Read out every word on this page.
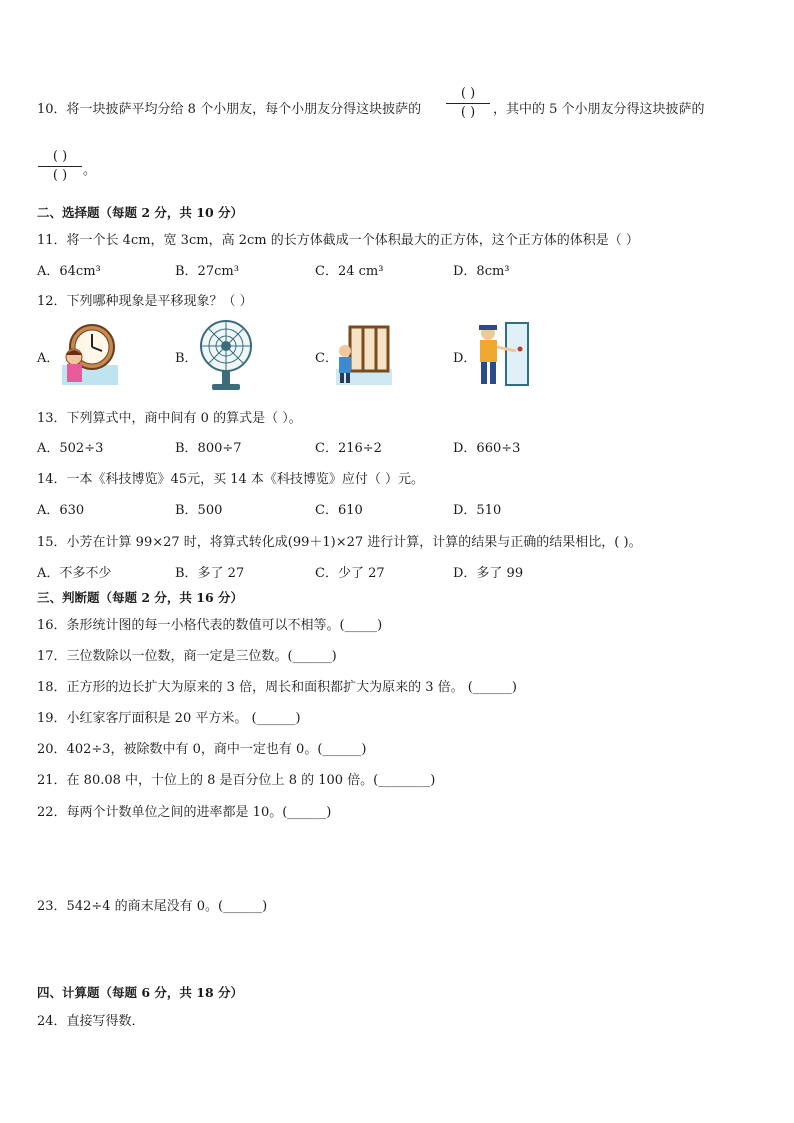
10．将一块披萨平均分给 8 个小朋友，每个小朋友分得这块披萨的
( )
( )	，其中的 5 个小朋友分得这块披萨的
( )
( )	。
二、选择题（每题 2 分，共 10 分）
11．将一个长 4cm，宽 3cm，高 2cm 的长方体截成一个体积最大的正方体，这个正方体的体积是（ ）
A．64cm³	B．27cm³	C．24 cm³	D．8cm³
12．下列哪种现象是平移现象？（ ）
A．	B．	C．	D．
13．下列算式中，商中间有 0 的算式是（ ）。
A．502÷3	B．800÷7	C．216÷2	D．660÷3
14．一本《科技博览》45元，买 14 本《科技博览》应付（ ）元。
A．630	B．500	C．610	D．510
15．小芳在计算 99×27 时，将算式转化成(99＋1)×27 进行计算，计算的结果与正确的结果相比，( )。
A．不多不少	B．多了 27	C．少了 27	D．多了 99
三、判断题（每题 2 分，共 16 分）
16．条形统计图的每一小格代表的数值可以不相等。(_____)
17．三位数除以一位数，商一定是三位数。(______)
18．正方形的边长扩大为原来的 3 倍，周长和面积都扩大为原来的 3 倍。 (______)
19．小红家客厅面积是 20 平方米。 (______)
20．402÷3，被除数中有 0，商中一定也有 0。(______)
21．在 80.08 中，十位上的 8 是百分位上 8 的 100 倍。(________)
22．每两个计数单位之间的进率都是 10。(______)
23．542÷4 的商末尾没有 0。(______)
四、计算题（每题 6 分，共 18 分）
24．直接写得数．
